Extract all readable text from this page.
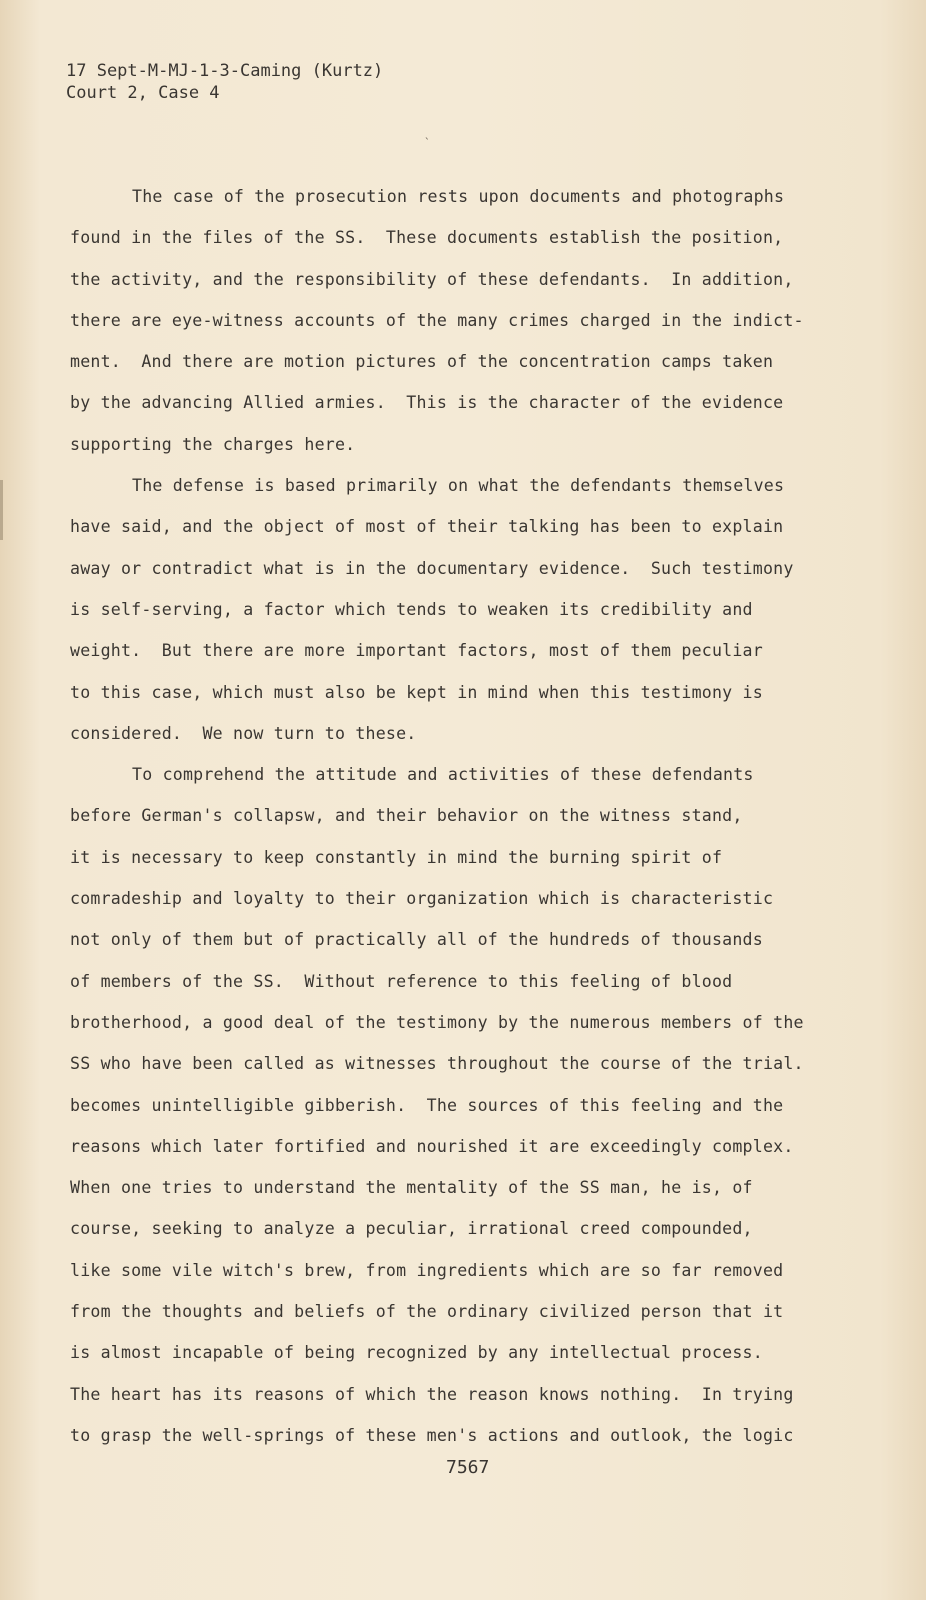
17 Sept-M-MJ-1-3-Caming (Kurtz)
Court 2, Case 4
`
The case of the prosecution rests upon documents and photographs
found in the files of the SS.  These documents establish the position,
the activity, and the responsibility of these defendants.  In addition,
there are eye-witness accounts of the many crimes charged in the indict-
ment.  And there are motion pictures of the concentration camps taken
by the advancing Allied armies.  This is the character of the evidence
supporting the charges here.
The defense is based primarily on what the defendants themselves
have said, and the object of most of their talking has been to explain
away or contradict what is in the documentary evidence.  Such testimony
is self-serving, a factor which tends to weaken its credibility and
weight.  But there are more important factors, most of them peculiar
to this case, which must also be kept in mind when this testimony is
considered.  We now turn to these.
To comprehend the attitude and activities of these defendants
before German's collapsw, and their behavior on the witness stand,
it is necessary to keep constantly in mind the burning spirit of
comradeship and loyalty to their organization which is characteristic
not only of them but of practically all of the hundreds of thousands
of members of the SS.  Without reference to this feeling of blood
brotherhood, a good deal of the testimony by the numerous members of the
SS who have been called as witnesses throughout the course of the trial.
becomes unintelligible gibberish.  The sources of this feeling and the
reasons which later fortified and nourished it are exceedingly complex.
When one tries to understand the mentality of the SS man, he is, of
course, seeking to analyze a peculiar, irrational creed compounded,
like some vile witch's brew, from ingredients which are so far removed
from the thoughts and beliefs of the ordinary civilized person that it
is almost incapable of being recognized by any intellectual process.
The heart has its reasons of which the reason knows nothing.  In trying
to grasp the well-springs of these men's actions and outlook, the logic
7567
